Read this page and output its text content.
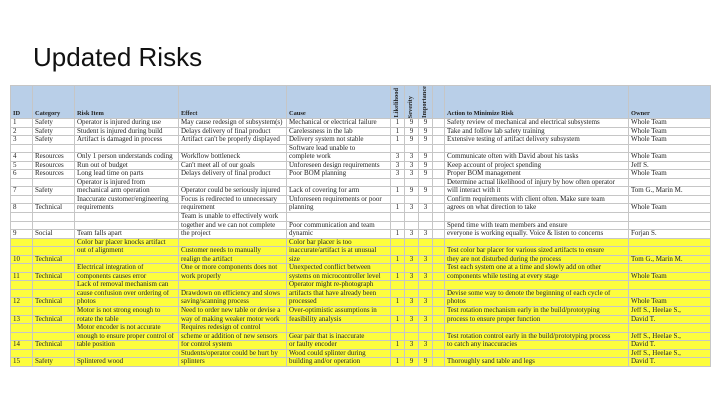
Updated Risks
ID	Category	Risk Item	Effect	Cause	Likelihood	Severity	Importance		Action to Minimize Risk	Owner
1	Safety	Operator is injured during use	May cause redesign of subsystem(s)	Mechanical or electrical failure	1	9	9		Safety review of mechanical and electrical subsystems	Whole Team
2	Safety	Student is injured during build	Delays delivery of final product	Carelessness in the lab	1	9	9		Take and follow lab safety training	Whole Team
3	Safety	Artifact is damaged in process	Artifact can't be properly displayed	Delivery system not stable	1	9	9		Extensive testing of artifact delivery subsystem	Whole Team
				Software lead unable to						
4	Resources	Only 1 person understands coding	Workflow bottleneck	complete work	3	3	9		Communicate often with David about his tasks	Whole Team
5	Resources	Run out of budget	Can't meet all of our goals	Unforeseen design requirements	3	3	9		Keep account of project spending	Jeff S.
6	Resources	Long lead time on parts	Delays delivery of final product	Poor BOM planning	3	3	9		Proper BOM management	Whole Team
		Operator is injured from							Determine actual likelihood of injury by how often operator	
7	Safety	mechanical arm operation	Operator could be seriously injured	Lack of covering for arm	1	9	9		will interact with it	Tom G., Marin M.
		Inaccurate customer/engineering	Focus is redirected to unnecessary	Unforeseen requirements or poor					Confirm requirements with client often. Make sure team	
8	Technical	requirements	requirement	planning	1	3	3		agrees on what direction to take	Whole Team
			Team is unable to effectively work							
			together and we can not complete	Poor communication and team					Spend time with team members and ensure	
9	Social	Team falls apart	the project	dynamic	1	3	3		everyone is working equally. Voice & listen to concerns	Forjan S.
		Color bar placer knocks artifact		Color bar placer is too						
		out of alignment	Customer needs to manually	inaccurate/artifact is at unusual					Test color bar placer for various sized artifacts to ensure	
10	Technical		realign the artifact	size	1	3	3		they are not disturbed during the process	Tom G., Marin M.
		Electrical integration of	One or more components does not	Unexpected conflict between					Test each system one at a time and slowly add on other	
11	Technical	components causes error	work properly	systems on microcontroller level	1	3	3		components while testing at every stage	Whole Team
		Lack of removal mechanism can		Operator might re-photograph						
		cause confusion over ordering of	Drawdown on efficiency and slows	artifacts that have already been					Devise some way to denote the beginning of each cycle of	
12	Technical	photos	saving/scanning process	processed	1	3	3		photos	Whole Team
		Motor is not strong enough to	Need to order new table or devise a	Over-optimistic assumptions in					Test rotation mechanism early in the build/prototyping	Jeff S., Heelae S.,
13	Technical	rotate the table	way of making weaker motor work	feasibility analysis	1	3	3		process to ensure proper function	David T.
		Motor encoder is not accurate	Requires redesign of control							
		enough to ensure proper control of	scheme or addition of new sensors	Gear pair that is inaccurate					Test rotation control early in the build/prototyping process	Jeff S., Heelae S.,
14	Technical	table position	for control system	or faulty encoder	1	3	3		to catch any inaccuracies	David T.
			Students/operator could be hurt by	Wood could splinter during						Jeff S., Heelae S.,
15	Safety	Splintered wood	splinters	building and/or operation	1	9	9		Thoroughly sand table and legs	David T.
